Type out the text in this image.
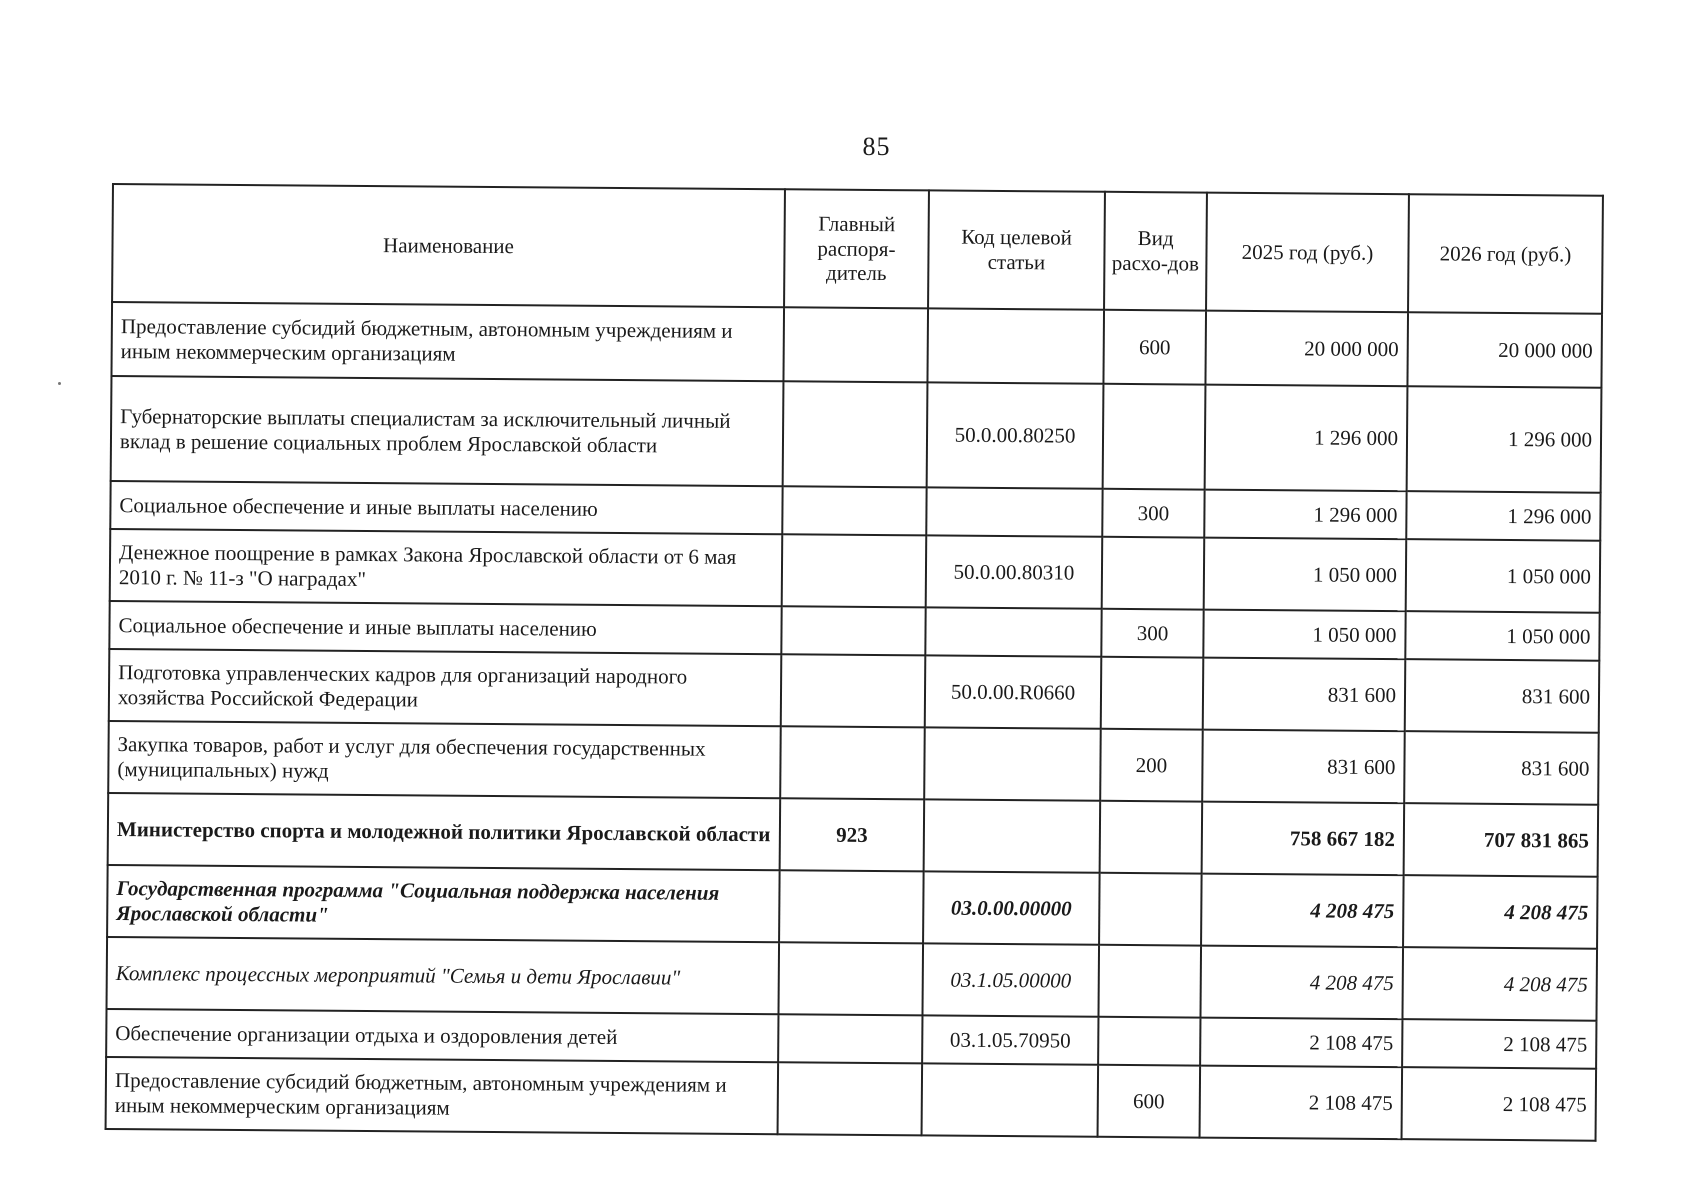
85
Наименование	Главный распоря-дитель	Код целевой статьи	Вид расхо-дов	2025 год (руб.)	2026 год (руб.)
Предоставление субсидий бюджетным, автономным учреждениям и иным некоммерческим организациям			600	20 000 000	20 000 000
Губернаторские выплаты специалистам за исключительный личный вклад в решение социальных проблем Ярославской области		50.0.00.80250		1 296 000	1 296 000
Социальное обеспечение и иные выплаты населению			300	1 296 000	1 296 000
Денежное поощрение в рамках Закона Ярославской области от 6 мая 2010 г. № 11-з "О наградах"		50.0.00.80310		1 050 000	1 050 000
Социальное обеспечение и иные выплаты населению			300	1 050 000	1 050 000
Подготовка управленческих кадров для организаций народного хозяйства Российской Федерации		50.0.00.R0660		831 600	831 600
Закупка товаров, работ и услуг для обеспечения государственных (муниципальных) нужд			200	831 600	831 600
Министерство спорта и молодежной политики Ярославской области	923			758 667 182	707 831 865
Государственная программа "Социальная поддержка населения Ярославской области"		03.0.00.00000		4 208 475	4 208 475
Комплекс процессных мероприятий "Семья и дети Ярославии"		03.1.05.00000		4 208 475	4 208 475
Обеспечение организации отдыха и оздоровления детей		03.1.05.70950		2 108 475	2 108 475
Предоставление субсидий бюджетным, автономным учреждениям и иным некоммерческим организациям			600	2 108 475	2 108 475
